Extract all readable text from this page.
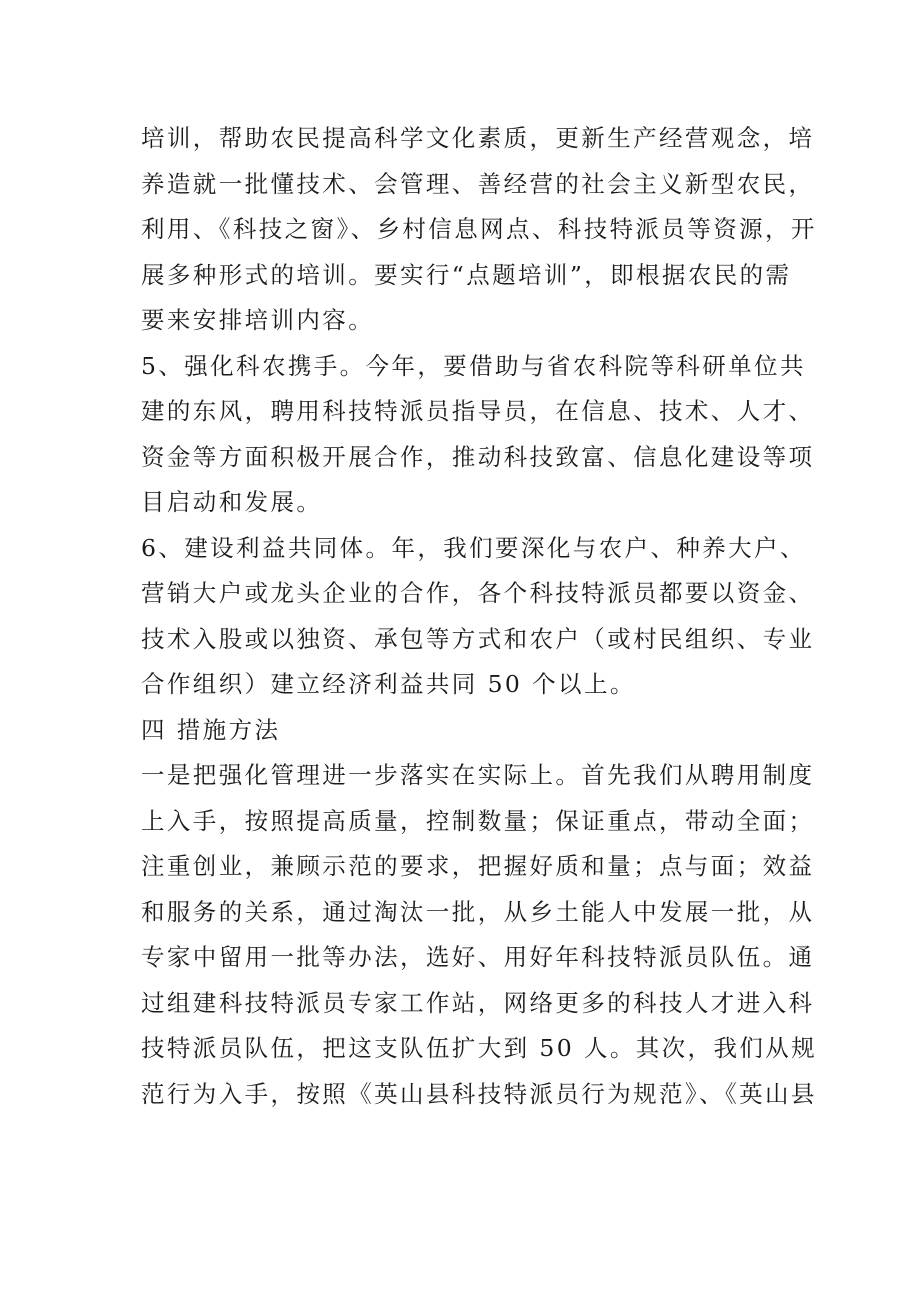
培训，帮助农民提高科学文化素质，更新生产经营观念，培
养造就一批懂技术、会管理、善经营的社会主义新型农民，
利用、《科技之窗》、乡村信息网点、科技特派员等资源，开
展多种形式的培训。要实行“点题培训”，即根据农民的需
要来安排培训内容。
5、强化科农携手。今年，要借助与省农科院等科研单位共
建的东风，聘用科技特派员指导员，在信息、技术、人才、
资金等方面积极开展合作，推动科技致富、信息化建设等项
目启动和发展。
6、建设利益共同体。年，我们要深化与农户、种养大户、
营销大户或龙头企业的合作，各个科技特派员都要以资金、
技术入股或以独资、承包等方式和农户（或村民组织、专业
合作组织）建立经济利益共同 50 个以上。
四 措施方法
一是把强化管理进一步落实在实际上。首先我们从聘用制度
上入手，按照提高质量，控制数量；保证重点，带动全面；
注重创业，兼顾示范的要求，把握好质和量；点与面；效益
和服务的关系，通过淘汰一批，从乡土能人中发展一批，从
专家中留用一批等办法，选好、用好年科技特派员队伍。通
过组建科技特派员专家工作站，网络更多的科技人才进入科
技特派员队伍，把这支队伍扩大到 50 人。其次，我们从规
范行为入手，按照《英山县科技特派员行为规范》、《英山县
